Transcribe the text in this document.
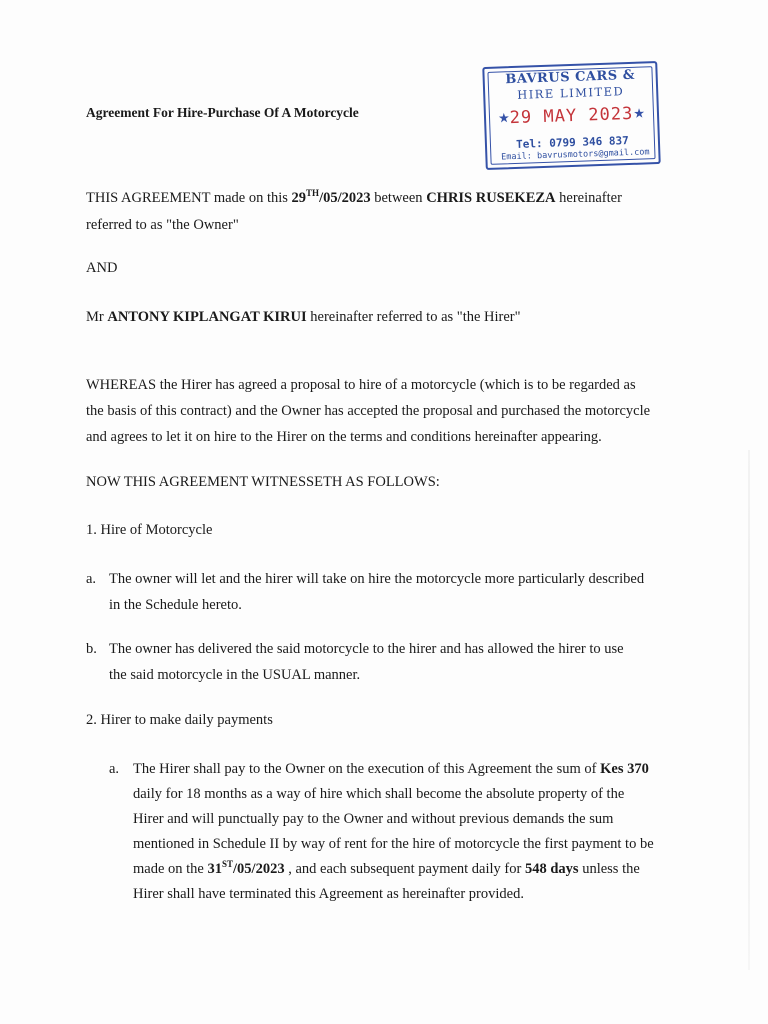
Agreement For Hire-Purchase Of A Motorcycle
BAVRUS CARS &
HIRE LIMITED
★ 29 MAY 2023 ★
Tel: 0799 346 837
Email: bavrusmotors@gmail.com
THIS AGREEMENT made on this 29TH/05/2023 between CHRIS RUSEKEZA hereinafter
referred to as "the Owner"
AND
Mr ANTONY KIPLANGAT KIRUI hereinafter referred to as "the Hirer"
WHEREAS the Hirer has agreed a proposal to hire of a motorcycle (which is to be regarded as
the basis of this contract) and the Owner has accepted the proposal and purchased the motorcycle
and agrees to let it on hire to the Hirer on the terms and conditions hereinafter appearing.
NOW THIS AGREEMENT WITNESSETH AS FOLLOWS:
1. Hire of Motorcycle
a. The owner will let and the hirer will take on hire the motorcycle more particularly described
in the Schedule hereto.
b. The owner has delivered the said motorcycle to the hirer and has allowed the hirer to use
the said motorcycle in the USUAL manner.
2. Hirer to make daily payments
a. The Hirer shall pay to the Owner on the execution of this Agreement the sum of Kes 370
daily for 18 months as a way of hire which shall become the absolute property of the
Hirer and will punctually pay to the Owner and without previous demands the sum
mentioned in Schedule II by way of rent for the hire of motorcycle the first payment to be
made on the 31ST/05/2023 , and each subsequent payment daily for 548 days unless the
Hirer shall have terminated this Agreement as hereinafter provided.
